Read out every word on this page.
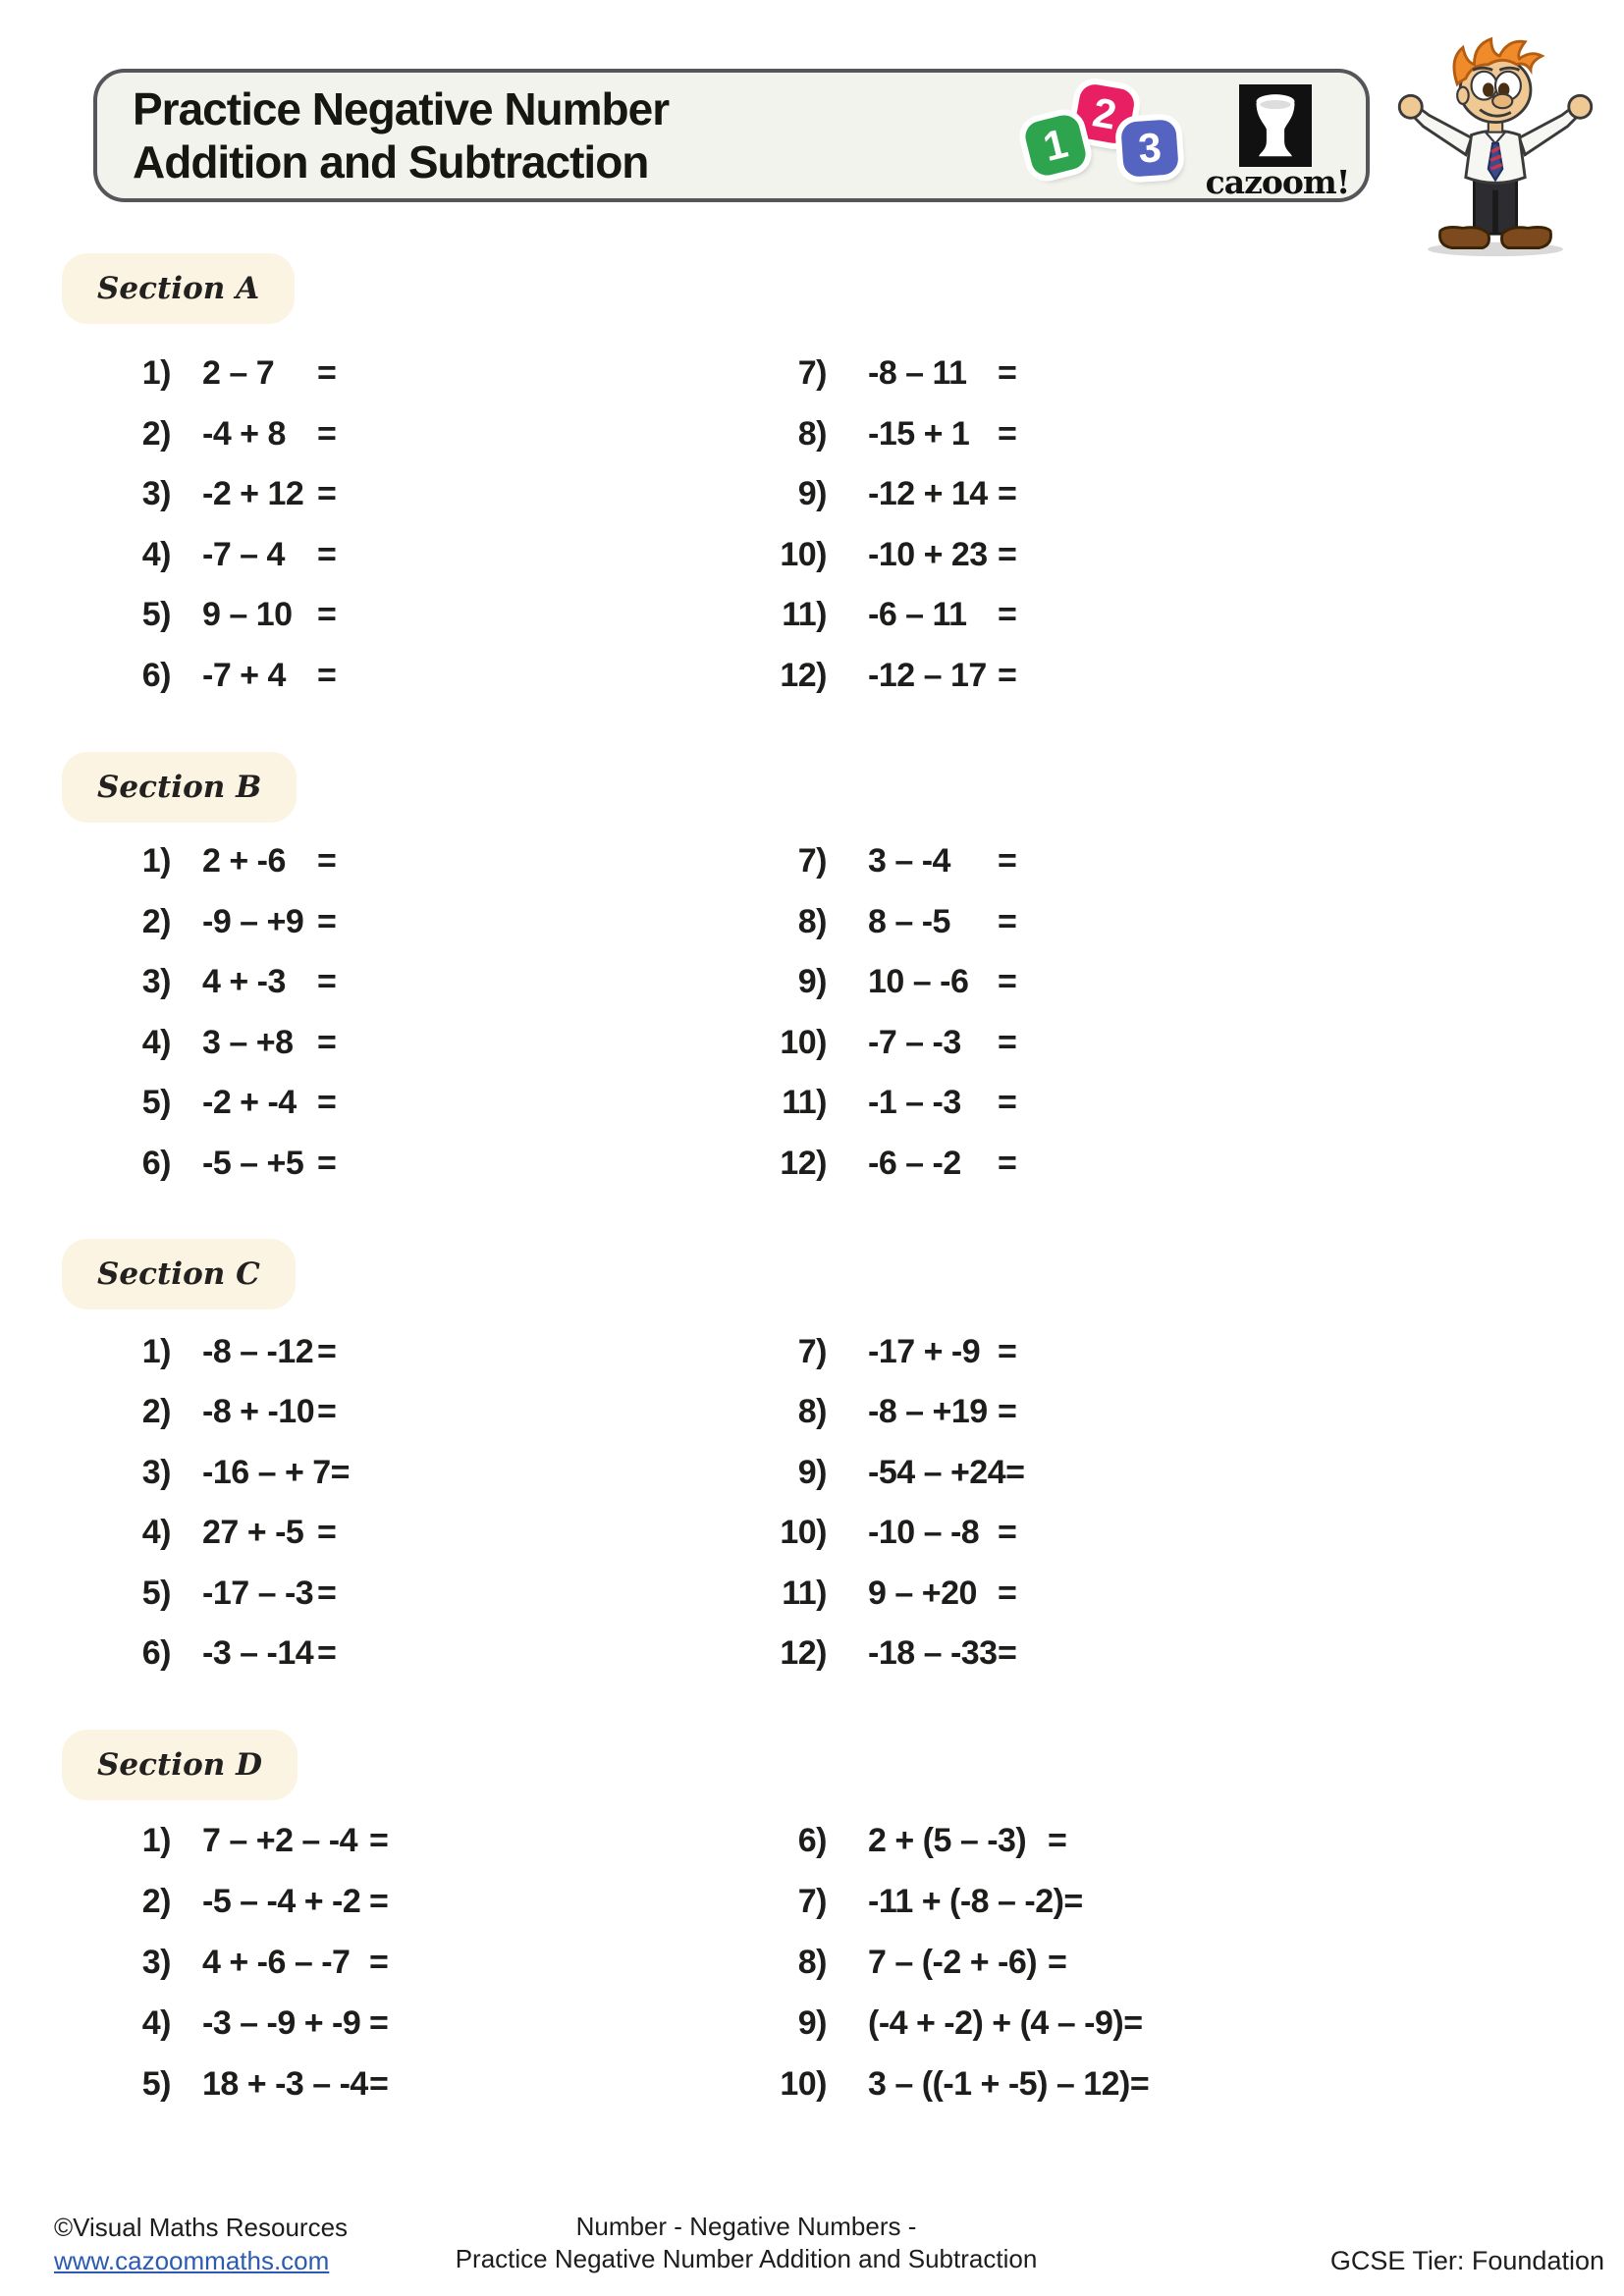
Practice Negative Number
Addition and Subtraction	1
2
3
cazoom!
Section A
1) 2 – 7	=
2) -4 + 8 =
3) -2 + 12 =
4) -7 – 4 =
5) 9 – 10 =
6) -7 + 4 =
7) -8 – 11 =
8) -15 + 1 =
9) -12 + 14 =
10) -10 + 23 =
11) -6 – 11 =
12) -12 – 17 =
Section B
1) 2 + -6 =
2) -9 – +9 =
3) 4 + -3 =
4) 3 – +8 =
5) -2 + -4 =
6) -5 – +5 =
7) 3 – -4	=
8) 8 – -5	=
9) 10 – -6 =
10) -7 – -3	=
11) -1 – -3	=
12) -6 – -2	=
Section C
1) -8 – -12 =
2) -8 + -10 =
3) -16 – + 7 =
4) 27 + -5 =
5) -17 – -3 =
6) -3 – -14 =
7) -17 + -9 =
8) -8 – +19 =
9) -54 – +24 =
10) -10 – -8 =
11) 9 – +20 =
12) -18 – -33 =
Section D
1) 7 – +2 – -4 =
2) -5 – -4 + -2 =
3) 4 + -6 – -7 =
4) -3 – -9 + -9 =
5) 18 + -3 – -4 =
6) 2 + (5 – -3) =
7) -11 + (-8 – -2) =
8) 7 – (-2 + -6) =
9) (-4 + -2) + (4 – -9) =
10) 3 – ((-1 + -5) – 12) =
©Visual Maths Resources
www.cazoommaths.com
Number - Negative Numbers -
Practice Negative Number Addition and Subtraction	GCSE Tier: Foundation
